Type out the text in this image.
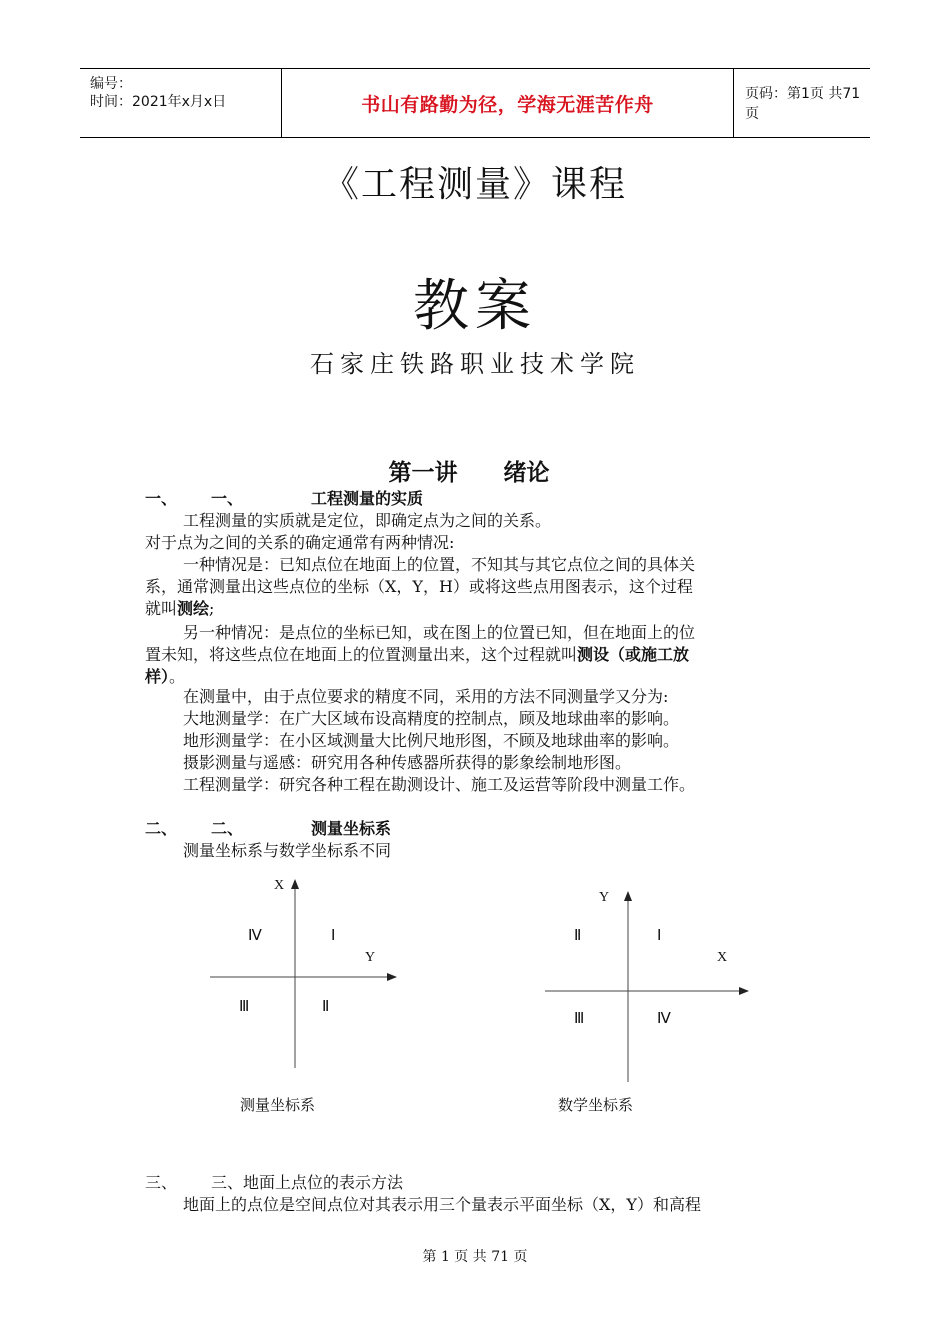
编号：
时间：2021年x月x日	书山有路勤为径，学海无涯苦作舟	页码：第1页 共71页
《工程测量》课程
教案
石家庄铁路职业技术学院
第一讲 绪论
一、 一、	工程测量的实质
工程测量的实质就是定位，即确定点为之间的关系。
对于点为之间的关系的确定通常有两种情况:
一种情况是：已知点位在地面上的位置，不知其与其它点位之间的具体关
系，通常测量出这些点位的坐标（X，Y，H）或将这些点用图表示，这个过程
就叫测绘;
另一种情况：是点位的坐标已知，或在图上的位置已知，但在地面上的位
置未知，将这些点位在地面上的位置测量出来，这个过程就叫测设（或施工放
样）。
在测量中，由于点位要求的精度不同，采用的方法不同测量学又分为:
大地测量学：在广大区域布设高精度的控制点，顾及地球曲率的影响。
地形测量学：在小区域测量大比例尺地形图，不顾及地球曲率的影响。
摄影测量与遥感：研究用各种传感器所获得的影象绘制地形图。
工程测量学：研究各种工程在勘测设计、施工及运营等阶段中测量工作。
二、 二、	测量坐标系
测量坐标系与数学坐标系不同
X
Y
Ⅳ	Ⅰ
Ⅲ	Ⅱ
测量坐标系
Y
X
Ⅱ	Ⅰ
Ⅲ	Ⅳ
数学坐标系
三、 三、地面上点位的表示方法
地面上的点位是空间点位对其表示用三个量表示平面坐标（X，Y）和高程
第 1 页 共 71 页
